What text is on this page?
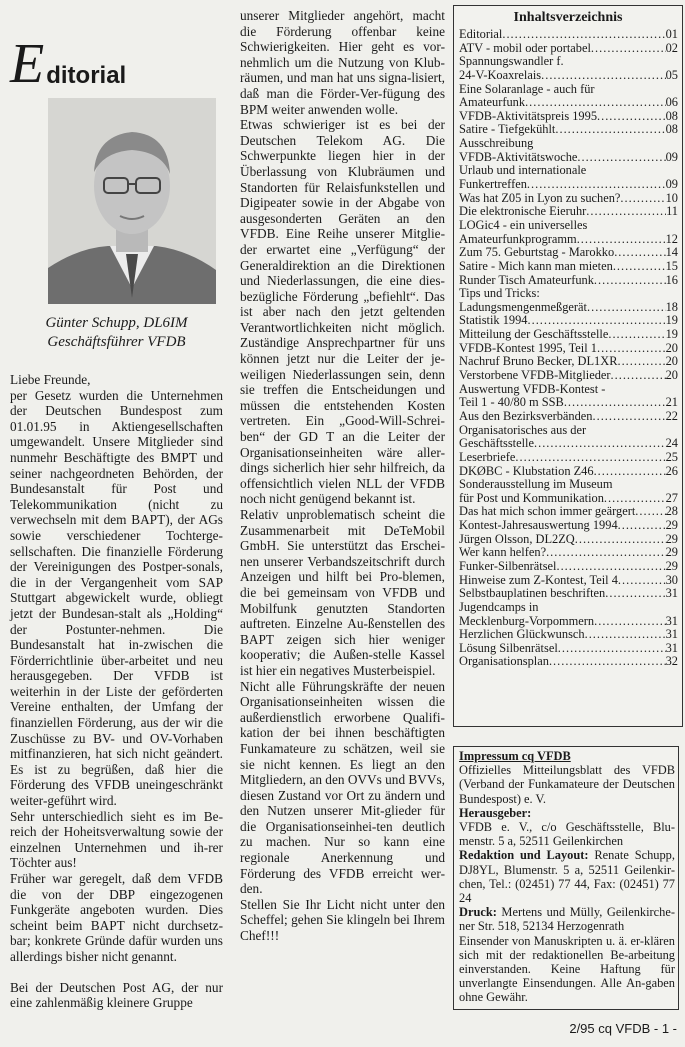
E ditorial
Günter Schupp, DL6IM
Geschäftsführer VFDB

Liebe Freunde,

per Gesetz wurden die Unternehmen der Deutschen Bundespost zum 01.01.95 in Aktiengesellschaften umgewandelt. Unsere Mitglieder sind nunmehr Beschäftigte des BMPT und seiner nachgeordneten Behörden, der Bundesanstalt für Post und Telekommunikation (nicht zu verwechseln mit dem BAPT), der AGs sowie verschiedener Tochterge-sellschaften. Die finanzielle Förderung der Vereinigungen des Postper-sonals, die in der Vergangenheit vom SAP Stuttgart abgewickelt wurde, obliegt jetzt der Bundesan-stalt als „Holding“ der Postunter-nehmen. Die Bundesanstalt hat in-zwischen die Förderrichtlinie über-arbeitet und neu herausgegeben. Der VFDB ist weiterhin in der Liste der geförderten Vereine enthalten, der Umfang der finanziellen Förderung, aus der wir die Zuschüsse zu BV- und OV-Vorhaben mitfinanzieren, hat sich nicht geändert. Es ist zu begrüßen, daß hier die Förderung des VFDB uneingeschränkt weiter-geführt wird.

Sehr unterschiedlich sieht es im Be-reich der Hoheitsverwaltung sowie der einzelnen Unternehmen und ih-rer Töchter aus!

Früher war geregelt, daß dem VFDB die von der DBP eingezogenen Funkgeräte angeboten wurden. Dies scheint beim BAPT nicht durchsetz-bar; konkrete Gründe dafür wurden uns allerdings bisher nicht genannt.

Bei der Deutschen Post AG, der nur eine zahlenmäßig kleinere Gruppe

unserer Mitglieder angehört, macht die Förderung offenbar keine Schwierigkeiten. Hier geht es vor-nehmlich um die Nutzung von Klub-räumen, und man hat uns signa-lisiert, daß man die Förder-Ver-fügung des BPM weiter anwenden wolle.

Etwas schwieriger ist es bei der Deutschen Telekom AG. Die Schwerpunkte liegen hier in der Überlassung von Klubräumen und Standorten für Relaisfunkstellen und Digipeater sowie in der Abgabe von ausgesonderten Geräten an den VFDB. Eine Reihe unserer Mitglie-der erwartet eine „Verfügung“ der Generaldirektion an die Direktionen und Niederlassungen, die eine dies-bezügliche Förderung „befiehlt“. Das ist aber nach den jetzt geltenden Verantwortlichkeiten nicht möglich. Zuständige Ansprechpartner für uns können jetzt nur die Leiter der je-weiligen Niederlassungen sein, denn sie treffen die Entscheidungen und müssen die entstehenden Kosten vertreten. Ein „Good-Will-Schrei-ben“ der GD T an die Leiter der Organisationseinheiten wäre aller-dings sicherlich hier sehr hilfreich, da offensichtlich vielen NLL der VFDB noch nicht genügend bekannt ist.

Relativ unproblematisch scheint die Zusammenarbeit mit DeTeMobil GmbH. Sie unterstützt das Erschei-nen unserer Verbandszeitschrift durch Anzeigen und hilft bei Pro-blemen, die bei gemeinsam von VFDB und Mobilfunk genutzten Standorten auftreten. Einzelne Au-ßenstellen des BAPT zeigen sich hier weniger kooperativ; die Außen-stelle Kassel ist hier ein negatives Musterbeispiel.

Nicht alle Führungskräfte der neuen Organisationseinheiten wissen die außerdienstlich erworbene Qualifi-kation der bei ihnen beschäftigten Funkamateure zu schätzen, weil sie sie nicht kennen. Es liegt an den Mitgliedern, an den OVVs und BVVs, diesen Zustand vor Ort zu ändern und den Nutzen unserer Mit-glieder für die Organisationseinhei-ten deutlich zu machen. Nur so kann eine regionale Anerkennung und Förderung des VFDB erreicht wer-den.

Stellen Sie Ihr Licht nicht unter den Scheffel; gehen Sie klingeln bei Ihrem Chef!!!

Inhaltsverzeichnis
Editorial .....	01
ATV - mobil oder portabel .....	02
Spannungswandler f.
24-V-Koaxrelais .....	05
Eine Solaranlage - auch für
Amateurfunk .....	06
VFDB-Aktivitätspreis 1995 .....	08
Satire - Tiefgekühlt .....	08
Ausschreibung
VFDB-Aktivitätswoche .....	09
Urlaub und internationale
Funkertreffen .....	09
Was hat Z05 in Lyon zu suchen? .....	10
Die elektronische Eieruhr .....	11
LOGic4 - ein universelles
Amateurfunkprogramm .....	12
Zum 75. Geburtstag - Marokko .....	14
Satire - Mich kann man mieten .....	15
Runder Tisch Amateurfunk .....	16
Tips und Tricks:
Ladungsmengenmeßgerät .....	18
Statistik 1994 .....	19
Mitteilung der Geschäftsstelle .....	19
VFDB-Kontest 1995, Teil 1 .....	20
Nachruf Bruno Becker, DL1XR .....	20
Verstorbene VFDB-Mitglieder .....	20
Auswertung VFDB-Kontest -
Teil 1 - 40/80 m SSB .....	21
Aus den Bezirksverbänden .....	22
Organisatorisches aus der
Geschäftsstelle .....	24
Leserbriefe .....	25
DKØBC - Klubstation Z46 .....	26
Sonderausstellung im Museum
für Post und Kommunikation .....	27
Das hat mich schon immer geärgert ..... 28
Kontest-Jahresauswertung 1994 .....	29
Jürgen Olsson, DL2ZQ .....	29
Wer kann helfen? .....	29
Funker-Silbenrätsel .....	29
Hinweise zum Z-Kontest, Teil 4 .....	30
Selbstbauplatinen beschriften .....	31
Jugendcamps in
Mecklenburg-Vorpommern .....	31
Herzlichen Glückwunsch .....	31
Lösung Silbenrätsel .....	31
Organisationsplan .....	32
Impressum cq VFDB

Offizielles Mitteilungsblatt des VFDB (Verband der Funkamateure der Deutschen Bundespost) e. V.

Herausgeber:

VFDB e. V., c/o Geschäftsstelle, Blu-menstr. 5 a, 52511 Geilenkirchen

Redaktion und Layout: Renate Schupp, DJ8YL, Blumenstr. 5 a, 52511 Geilenkir-chen, Tel.: (02451) 77 44, Fax: (02451) 77 24

Druck: Mertens und Mülly, Geilenkirche-ner Str. 518, 52134 Herzogenrath

Einsender von Manuskripten u. ä. er-klären sich mit der redaktionellen Be-arbeitung einverstanden. Keine Haftung für unverlangte Einsendungen. Alle An-gaben ohne Gewähr.

2/95 cq VFDB - 1 -
